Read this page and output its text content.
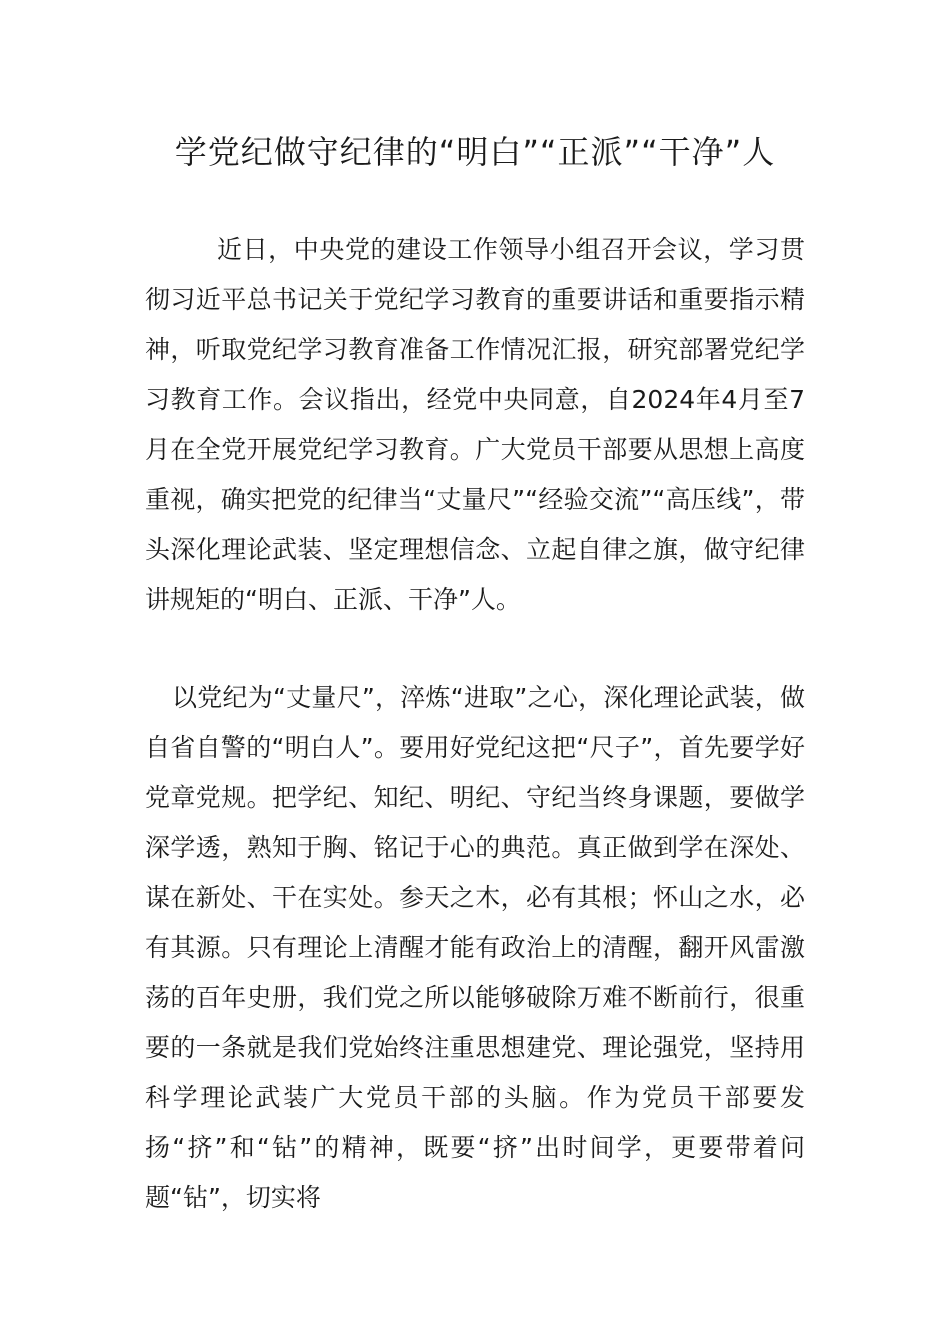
学党纪做守纪律的“明白”“正派”“干净”人

近日，中央党的建设工作领导小组召开会议，学习贯彻习近平总书记关于党纪学习教育的重要讲话和重要指示精神，听取党纪学习教育准备工作情况汇报，研究部署党纪学习教育工作。会议指出，经党中央同意，自2024年4月至7月在全党开展党纪学习教育。广大党员干部要从思想上高度重视，确实把党的纪律当“丈量尺”“经验交流”“高压线”，带头深化理论武装、坚定理想信念、立起自律之旗，做守纪律讲规矩的“明白、正派、干净”人。

以党纪为“丈量尺”，淬炼“进取”之心，深化理论武装，做自省自警的“明白人”。要用好党纪这把“尺子”，首先要学好党章党规。把学纪、知纪、明纪、守纪当终身课题，要做学深学透，熟知于胸、铭记于心的典范。真正做到学在深处、谋在新处、干在实处。参天之木，必有其根；怀山之水，必有其源。只有理论上清醒才能有政治上的清醒，翻开风雷激荡的百年史册，我们党之所以能够破除万难不断前行，很重要的一条就是我们党始终注重思想建党、理论强党，坚持用科学理论武装广大党员干部的头脑。作为党员干部要发扬“挤”和“钻”的精神，既要“挤”出时间学，更要带着问题“钻”，切实将
